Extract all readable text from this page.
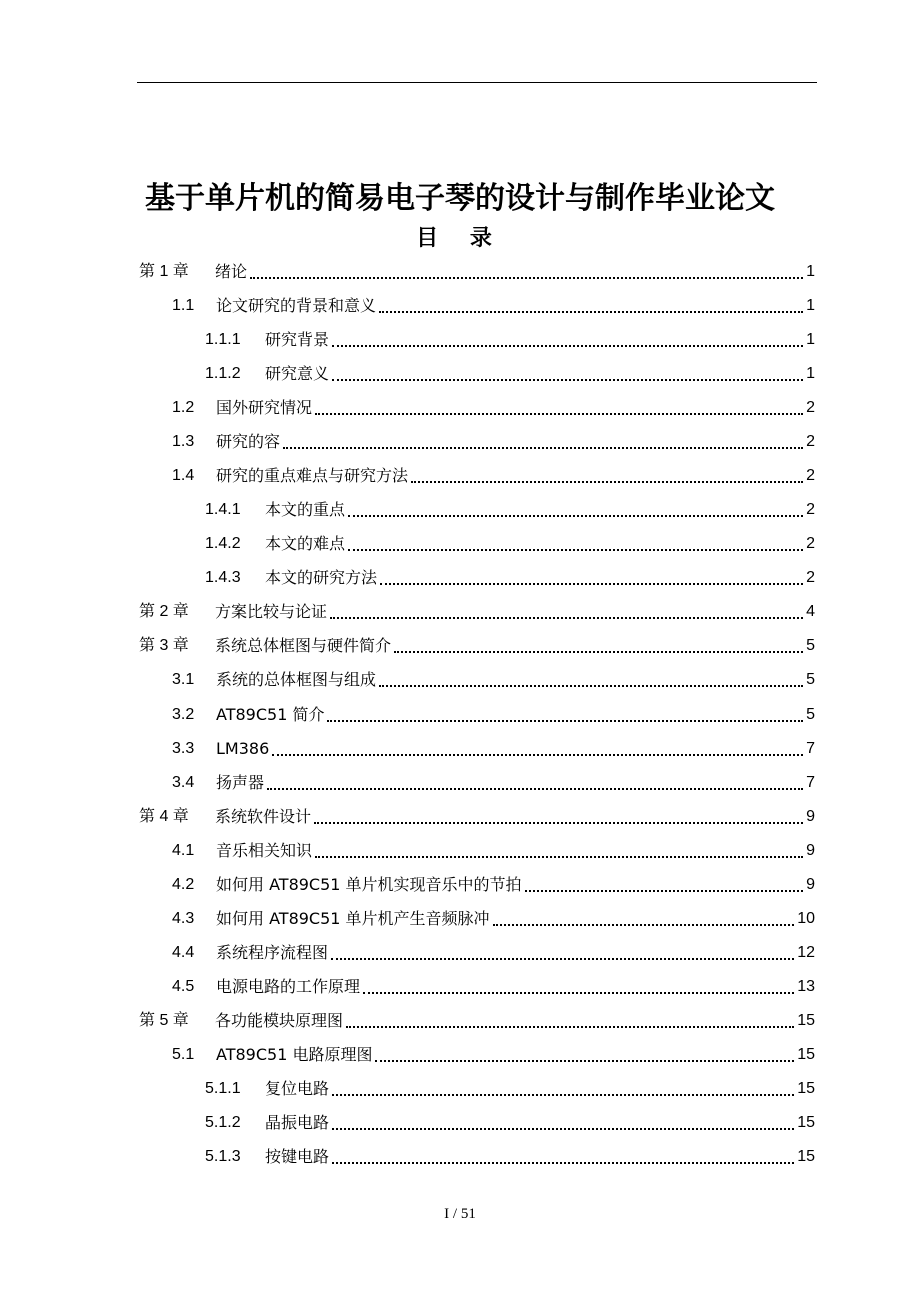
基于单片机的简易电子琴的设计与制作毕业论文
目 录
第 1 章	绪论	1
1.1	论文研究的背景和意义	1
1.1.1	研究背景	1
1.1.2	研究意义	1
1.2	国外研究情况	2
1.3	研究的容	2
1.4	研究的重点难点与研究方法	2
1.4.1	本文的重点	2
1.4.2	本文的难点	2
1.4.3	本文的研究方法	2
第 2 章	方案比较与论证	4
第 3 章	系统总体框图与硬件简介	5
3.1	系统的总体框图与组成	5
3.2	AT89C51 简介	5
3.3	LM386	7
3.4	扬声器	7
第 4 章	系统软件设计	9
4.1	音乐相关知识	9
4.2	如何用 AT89C51 单片机实现音乐中的节拍	9
4.3	如何用 AT89C51 单片机产生音频脉冲	10
4.4	系统程序流程图	12
4.5	电源电路的工作原理	13
第 5 章	各功能模块原理图	15
5.1	AT89C51 电路原理图	15
5.1.1	复位电路	15
5.1.2	晶振电路	15
5.1.3	按键电路	15
I / 51
